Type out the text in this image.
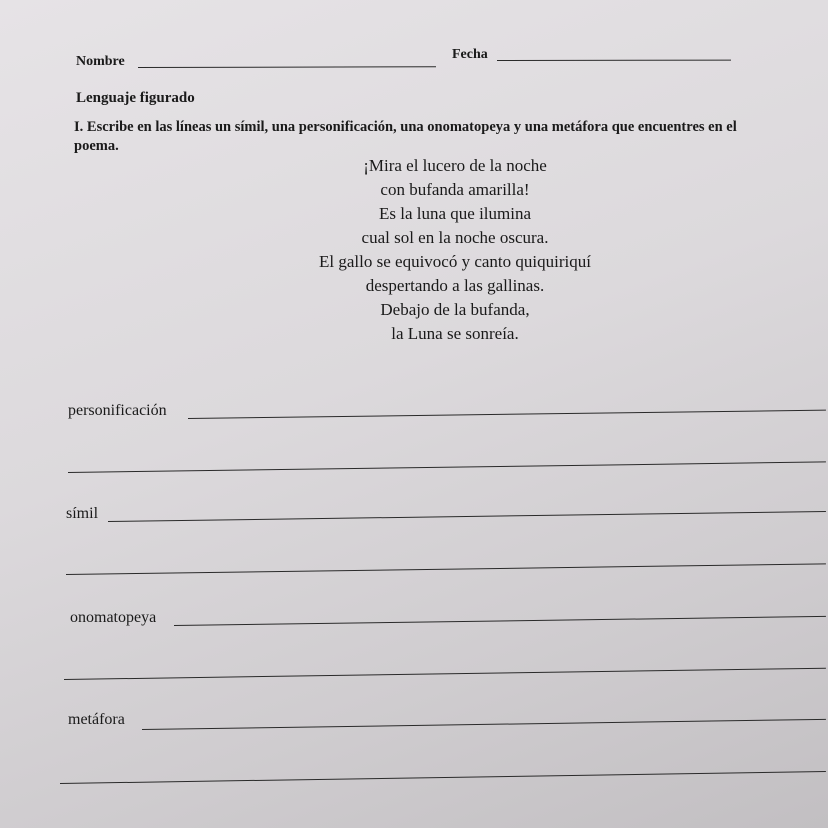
Nombre	Fecha
Lenguaje figurado
I. Escribe en las líneas un símil, una personificación, una onomatopeya y una metáfora que encuentres en el poema.
¡Mira el lucero de la noche
con bufanda amarilla!
Es la luna que ilumina
cual sol en la noche oscura.
El gallo se equivocó y canto quiquiriquí
despertando a las gallinas.
Debajo de la bufanda,
la Luna se sonreía.
personificación
símil
onomatopeya
metáfora
